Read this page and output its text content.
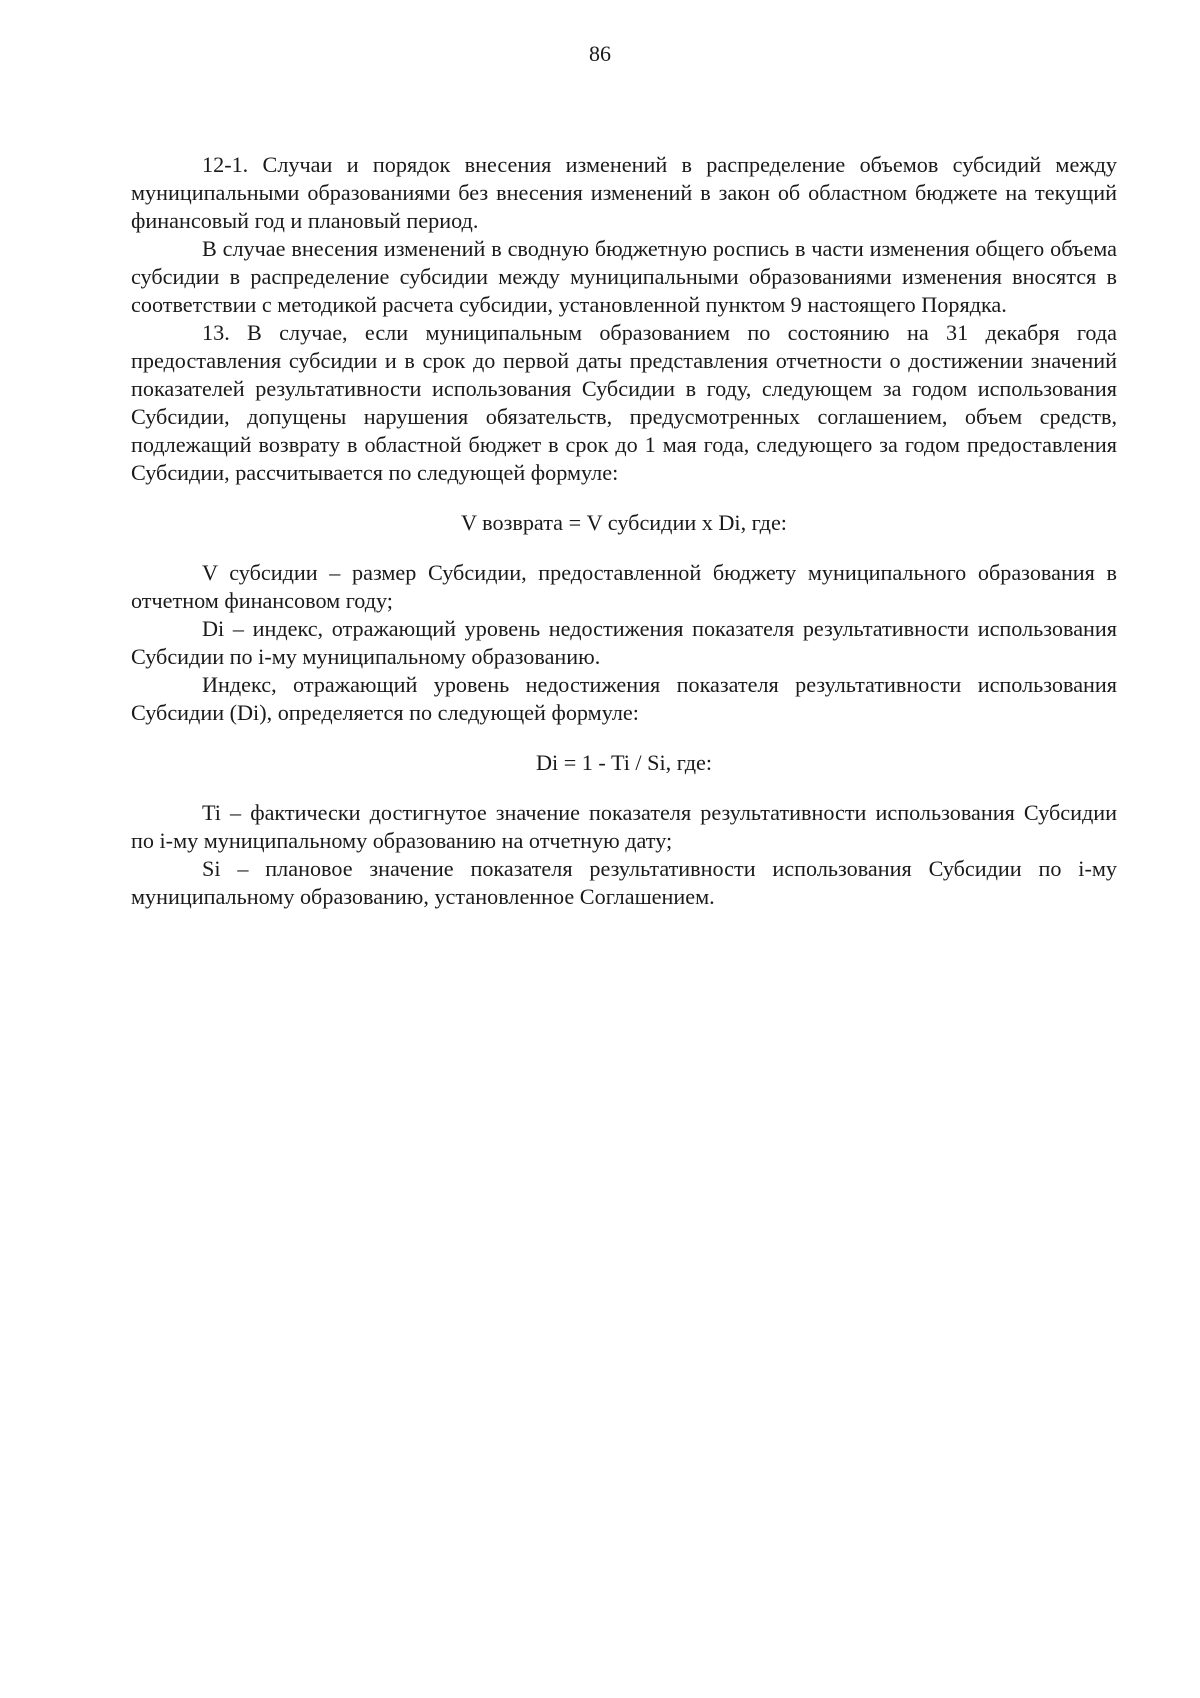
86

12-1. Случаи и порядок внесения изменений в распределение объемов субсидий между муниципальными образованиями без внесения изменений в закон об областном бюджете на текущий финансовый год и плановый период.

В случае внесения изменений в сводную бюджетную роспись в части изменения общего объема субсидии в распределение субсидии между муниципальными образованиями изменения вносятся в соответствии с методикой расчета субсидии, установленной пунктом 9 настоящего Порядка.

13. В случае, если муниципальным образованием по состоянию на 31 декабря года предоставления субсидии и в срок до первой даты представления отчетности о достижении значений показателей результативности использования Субсидии в году, следующем за годом использования Субсидии, допущены нарушения обязательств, предусмотренных соглашением, объем средств, подлежащий возврату в областной бюджет в срок до 1 мая года, следующего за годом предоставления Субсидии, рассчитывается по следующей формуле:

V возврата = V субсидии x Di, где:

V субсидии – размер Субсидии, предоставленной бюджету муниципального образования в отчетном финансовом году;

Di – индекс, отражающий уровень недостижения показателя результативности использования Субсидии по i-му муниципальному образованию.

Индекс, отражающий уровень недостижения показателя результативности использования Субсидии (Di), определяется по следующей формуле:

Di = 1 - Ti / Si, где:

Ti – фактически достигнутое значение показателя результативности использования Субсидии по i-му муниципальному образованию на отчетную дату;

Si – плановое значение показателя результативности использования Субсидии по i-му муниципальному образованию, установленное Соглашением.
